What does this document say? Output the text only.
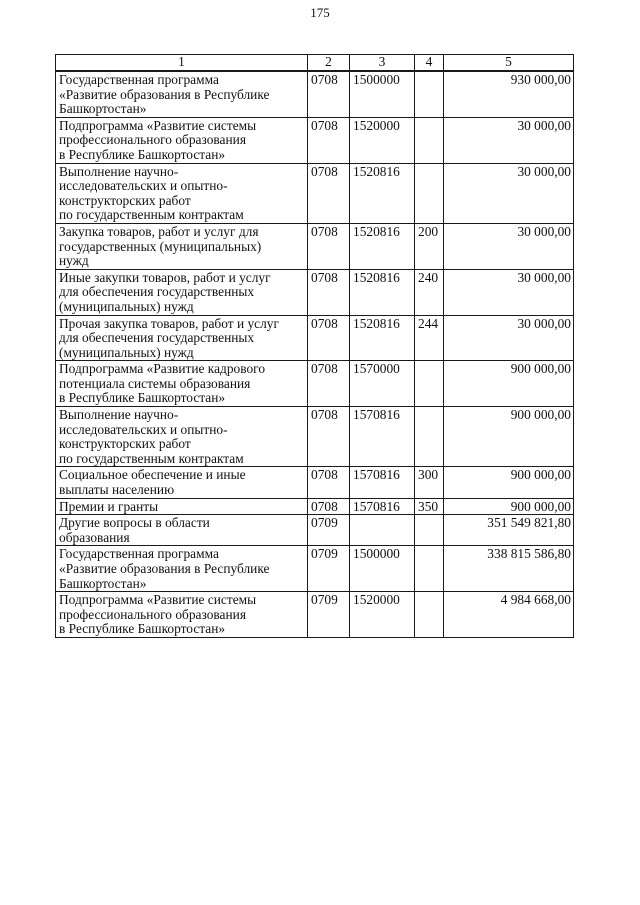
175
1	2	3	4	5
Государственная программа
«Развитие образования в Республике
Башкортостан»	0708	1500000		930 000,00
Подпрограмма «Развитие системы
профессионального образования
в Республике Башкортостан»	0708	1520000		30 000,00
Выполнение научно-
исследовательских и опытно-
конструкторских работ
по государственным контрактам	0708	1520816		30 000,00
Закупка товаров, работ и услуг для
государственных (муниципальных)
нужд	0708	1520816	200	30 000,00
Иные закупки товаров, работ и услуг
для обеспечения государственных
(муниципальных) нужд	0708	1520816	240	30 000,00
Прочая закупка товаров, работ и услуг
для обеспечения государственных
(муниципальных) нужд	0708	1520816	244	30 000,00
Подпрограмма «Развитие кадрового
потенциала системы образования
в Республике Башкортостан»	0708	1570000		900 000,00
Выполнение научно-
исследовательских и опытно-
конструкторских работ
по государственным контрактам	0708	1570816		900 000,00
Социальное обеспечение и иные
выплаты населению	0708	1570816	300	900 000,00
Премии и гранты	0708	1570816	350	900 000,00
Другие вопросы в области
образования	0709			351 549 821,80
Государственная программа
«Развитие образования в Республике
Башкортостан»	0709	1500000		338 815 586,80
Подпрограмма «Развитие системы
профессионального образования
в Республике Башкортостан»	0709	1520000		4 984 668,00
